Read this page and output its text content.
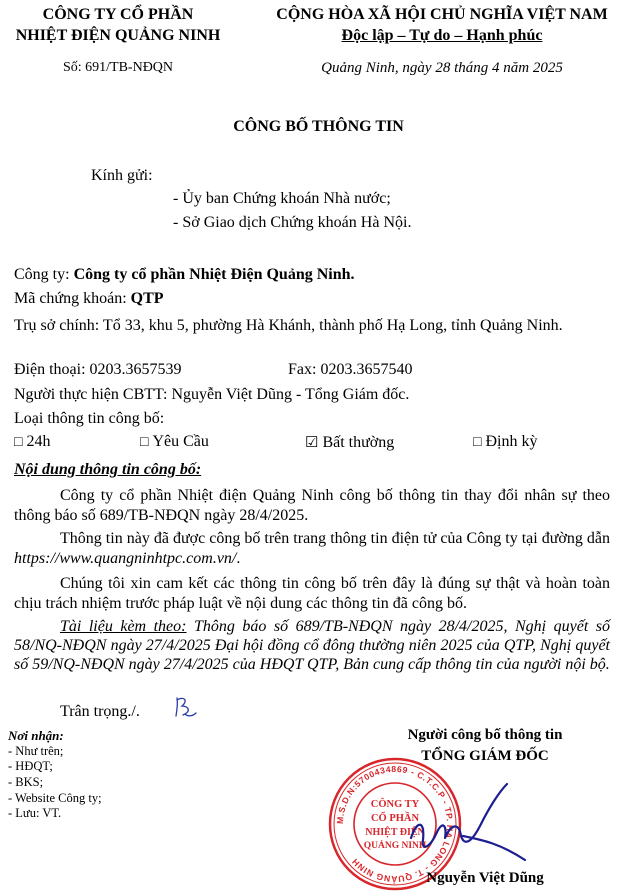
CÔNG TY CỔ PHẦN
NHIỆT ĐIỆN QUẢNG NINH
Số: 691/TB-NĐQN
CỘNG HÒA XÃ HỘI CHỦ NGHĨA VIỆT NAM
Độc lập – Tự do – Hạnh phúc
Quảng Ninh, ngày 28 tháng 4 năm 2025
CÔNG BỐ THÔNG TIN
Kính gửi:
- Ủy ban Chứng khoán Nhà nước;
- Sở Giao dịch Chứng khoán Hà Nội.
Công ty: Công ty cổ phần Nhiệt Điện Quảng Ninh.
Mã chứng khoán: QTP
Trụ sở chính: Tổ 33, khu 5, phường Hà Khánh, thành phố Hạ Long, tỉnh Quảng Ninh.
Điện thoại: 0203.3657539	Fax: 0203.3657540
Người thực hiện CBTT: Nguyễn Việt Dũng - Tổng Giám đốc.
Loại thông tin công bố:
□ 24h	□ Yêu Cầu	☑ Bất thường	□ Định kỳ
Nội dung thông tin công bố:
Công ty cổ phần Nhiệt điện Quảng Ninh công bố thông tin thay đổi nhân sự theo thông báo số 689/TB-NĐQN ngày 28/4/2025.
Thông tin này đã được công bố trên trang thông tin điện tử của Công ty tại đường dẫn https://www.quangninhtpc.com.vn/.
Chúng tôi xin cam kết các thông tin công bố trên đây là đúng sự thật và hoàn toàn chịu trách nhiệm trước pháp luật về nội dung các thông tin đã công bố.
Tài liệu kèm theo: Thông báo số 689/TB-NĐQN ngày 28/4/2025, Nghị quyết số 58/NQ-NĐQN ngày 27/4/2025 Đại hội đồng cổ đông thường niên 2025 của QTP, Nghị quyết số 59/NQ-NĐQN ngày 27/4/2025 của HĐQT QTP, Bản cung cấp thông tin của người nội bộ.
Trân trọng./.
Nơi nhận:
- Như trên;
- HĐQT;
- BKS;
- Website Công ty;
- Lưu: VT.
Người công bố thông tin
TỔNG GIÁM ĐỐC
M.S.D.N:5700434869 - C.T.C.P - TP. HẠ LONG - T. QUẢNG NINH
CÔNG TY
CỔ PHẦN
NHIỆT ĐIỆN
QUẢNG NINH
Nguyễn Việt Dũng
